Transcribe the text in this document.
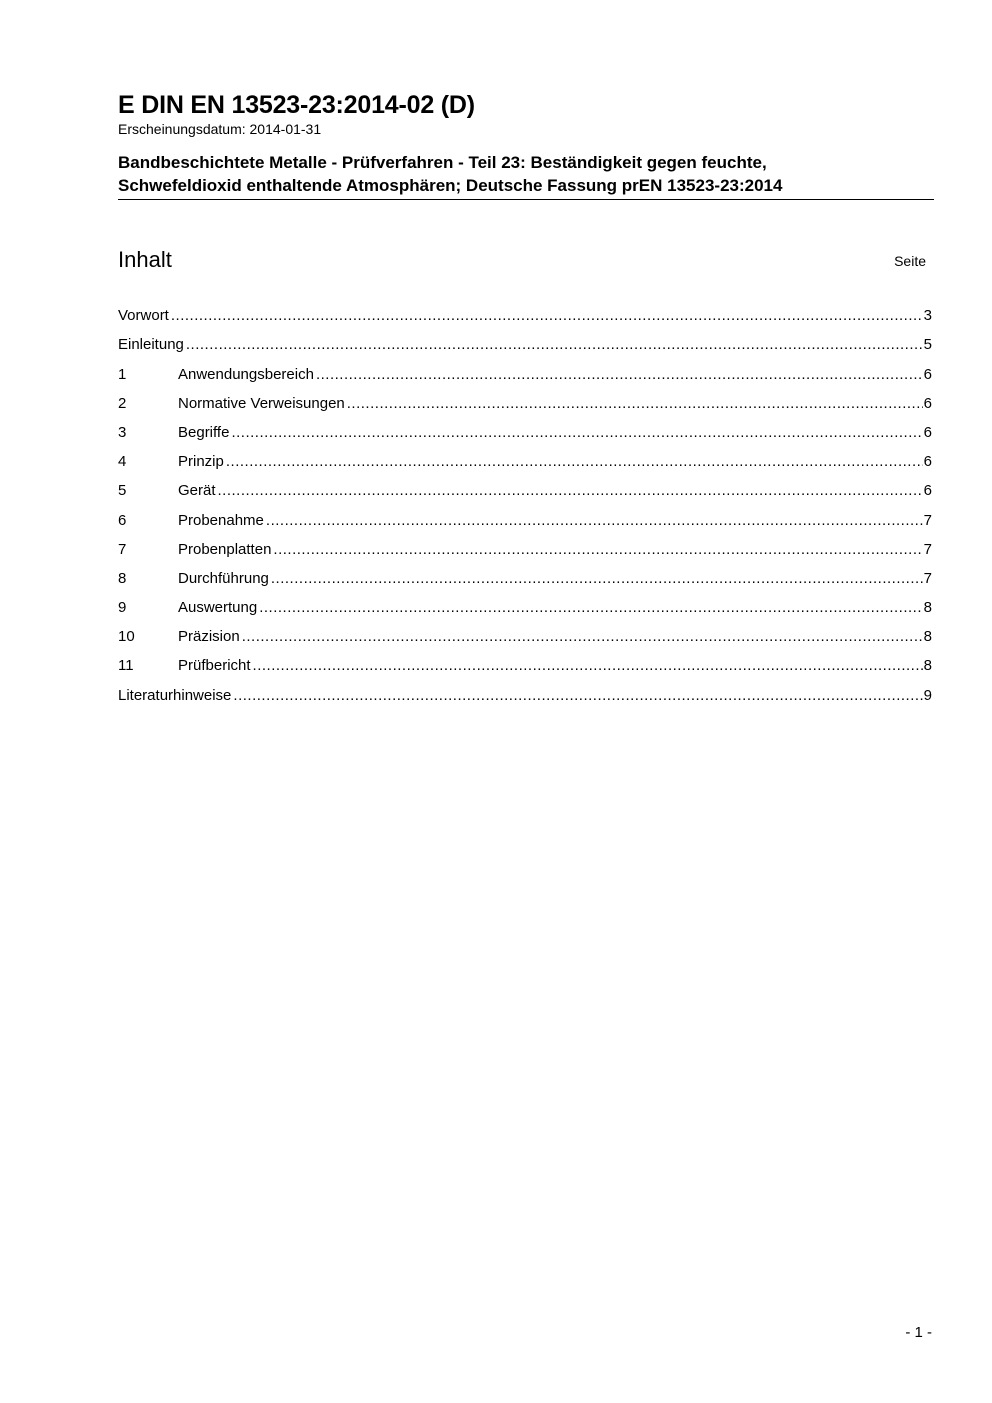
E DIN EN 13523-23:2014-02 (D)
Erscheinungsdatum: 2014-01-31
Bandbeschichtete Metalle - Prüfverfahren - Teil 23: Beständigkeit gegen feuchte,
Schwefeldioxid enthaltende Atmosphären; Deutsche Fassung prEN 13523-23:2014
Inhalt	Seite
Vorwort .....	3
Einleitung .....	5
1	Anwendungsbereich .....	6
2	Normative Verweisungen .....	6
3	Begriffe .....	6
4	Prinzip .....	6
5	Gerät .....	6
6	Probenahme .....	7
7	Probenplatten .....	7
8	Durchführung .....	7
9	Auswertung .....	8
10	Präzision .....	8
11	Prüfbericht .....	8
Literaturhinweise .....	9
- 1 -
